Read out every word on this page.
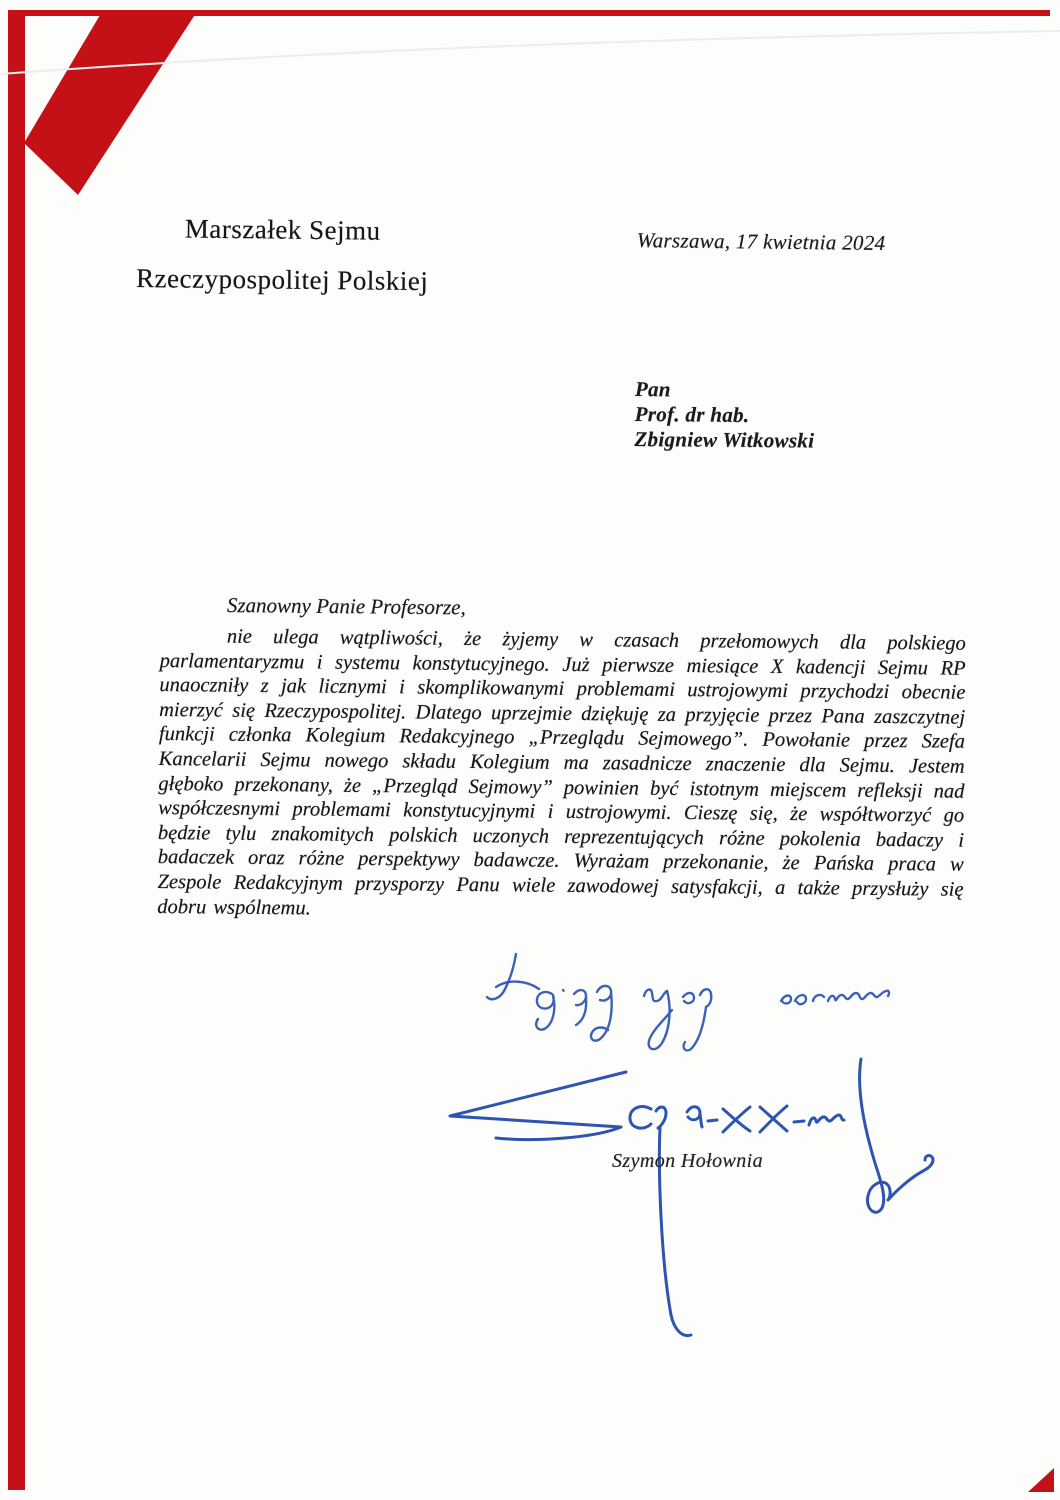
Marszałek Sejmu
Rzeczypospolitej Polskiej
Warszawa, 17 kwietnia 2024
Pan
Prof. dr hab.
Zbigniew Witkowski
Szanowny Panie Profesorze,
nie ulega wątpliwości, że żyjemy w czasach przełomowych dla polskiego parlamentaryzmu i systemu konstytucyjnego. Już pierwsze miesiące X kadencji Sejmu RP unaoczniły z jak licznymi i skomplikowanymi problemami ustrojowymi przychodzi obecnie mierzyć się Rzeczypospolitej. Dlatego uprzejmie dziękuję za przyjęcie przez Pana zaszczytnej funkcji członka Kolegium Redakcyjnego „Przeglądu Sejmowego”. Powołanie przez Szefa Kancelarii Sejmu nowego składu Kolegium ma zasadnicze znaczenie dla Sejmu. Jestem głęboko przekonany, że „Przegląd Sejmowy” powinien być istotnym miejscem refleksji nad współczesnymi problemami konstytucyjnymi i ustrojowymi. Cieszę się, że współtworzyć go będzie tylu znakomitych polskich uczonych reprezentujących różne pokolenia badaczy i badaczek oraz różne perspektywy badawcze. Wyrażam przekonanie, że Pańska praca w Zespole Redakcyjnym przysporzy Panu wiele zawodowej satysfakcji, a także przysłuży się dobru wspólnemu.
Szymon Hołownia
